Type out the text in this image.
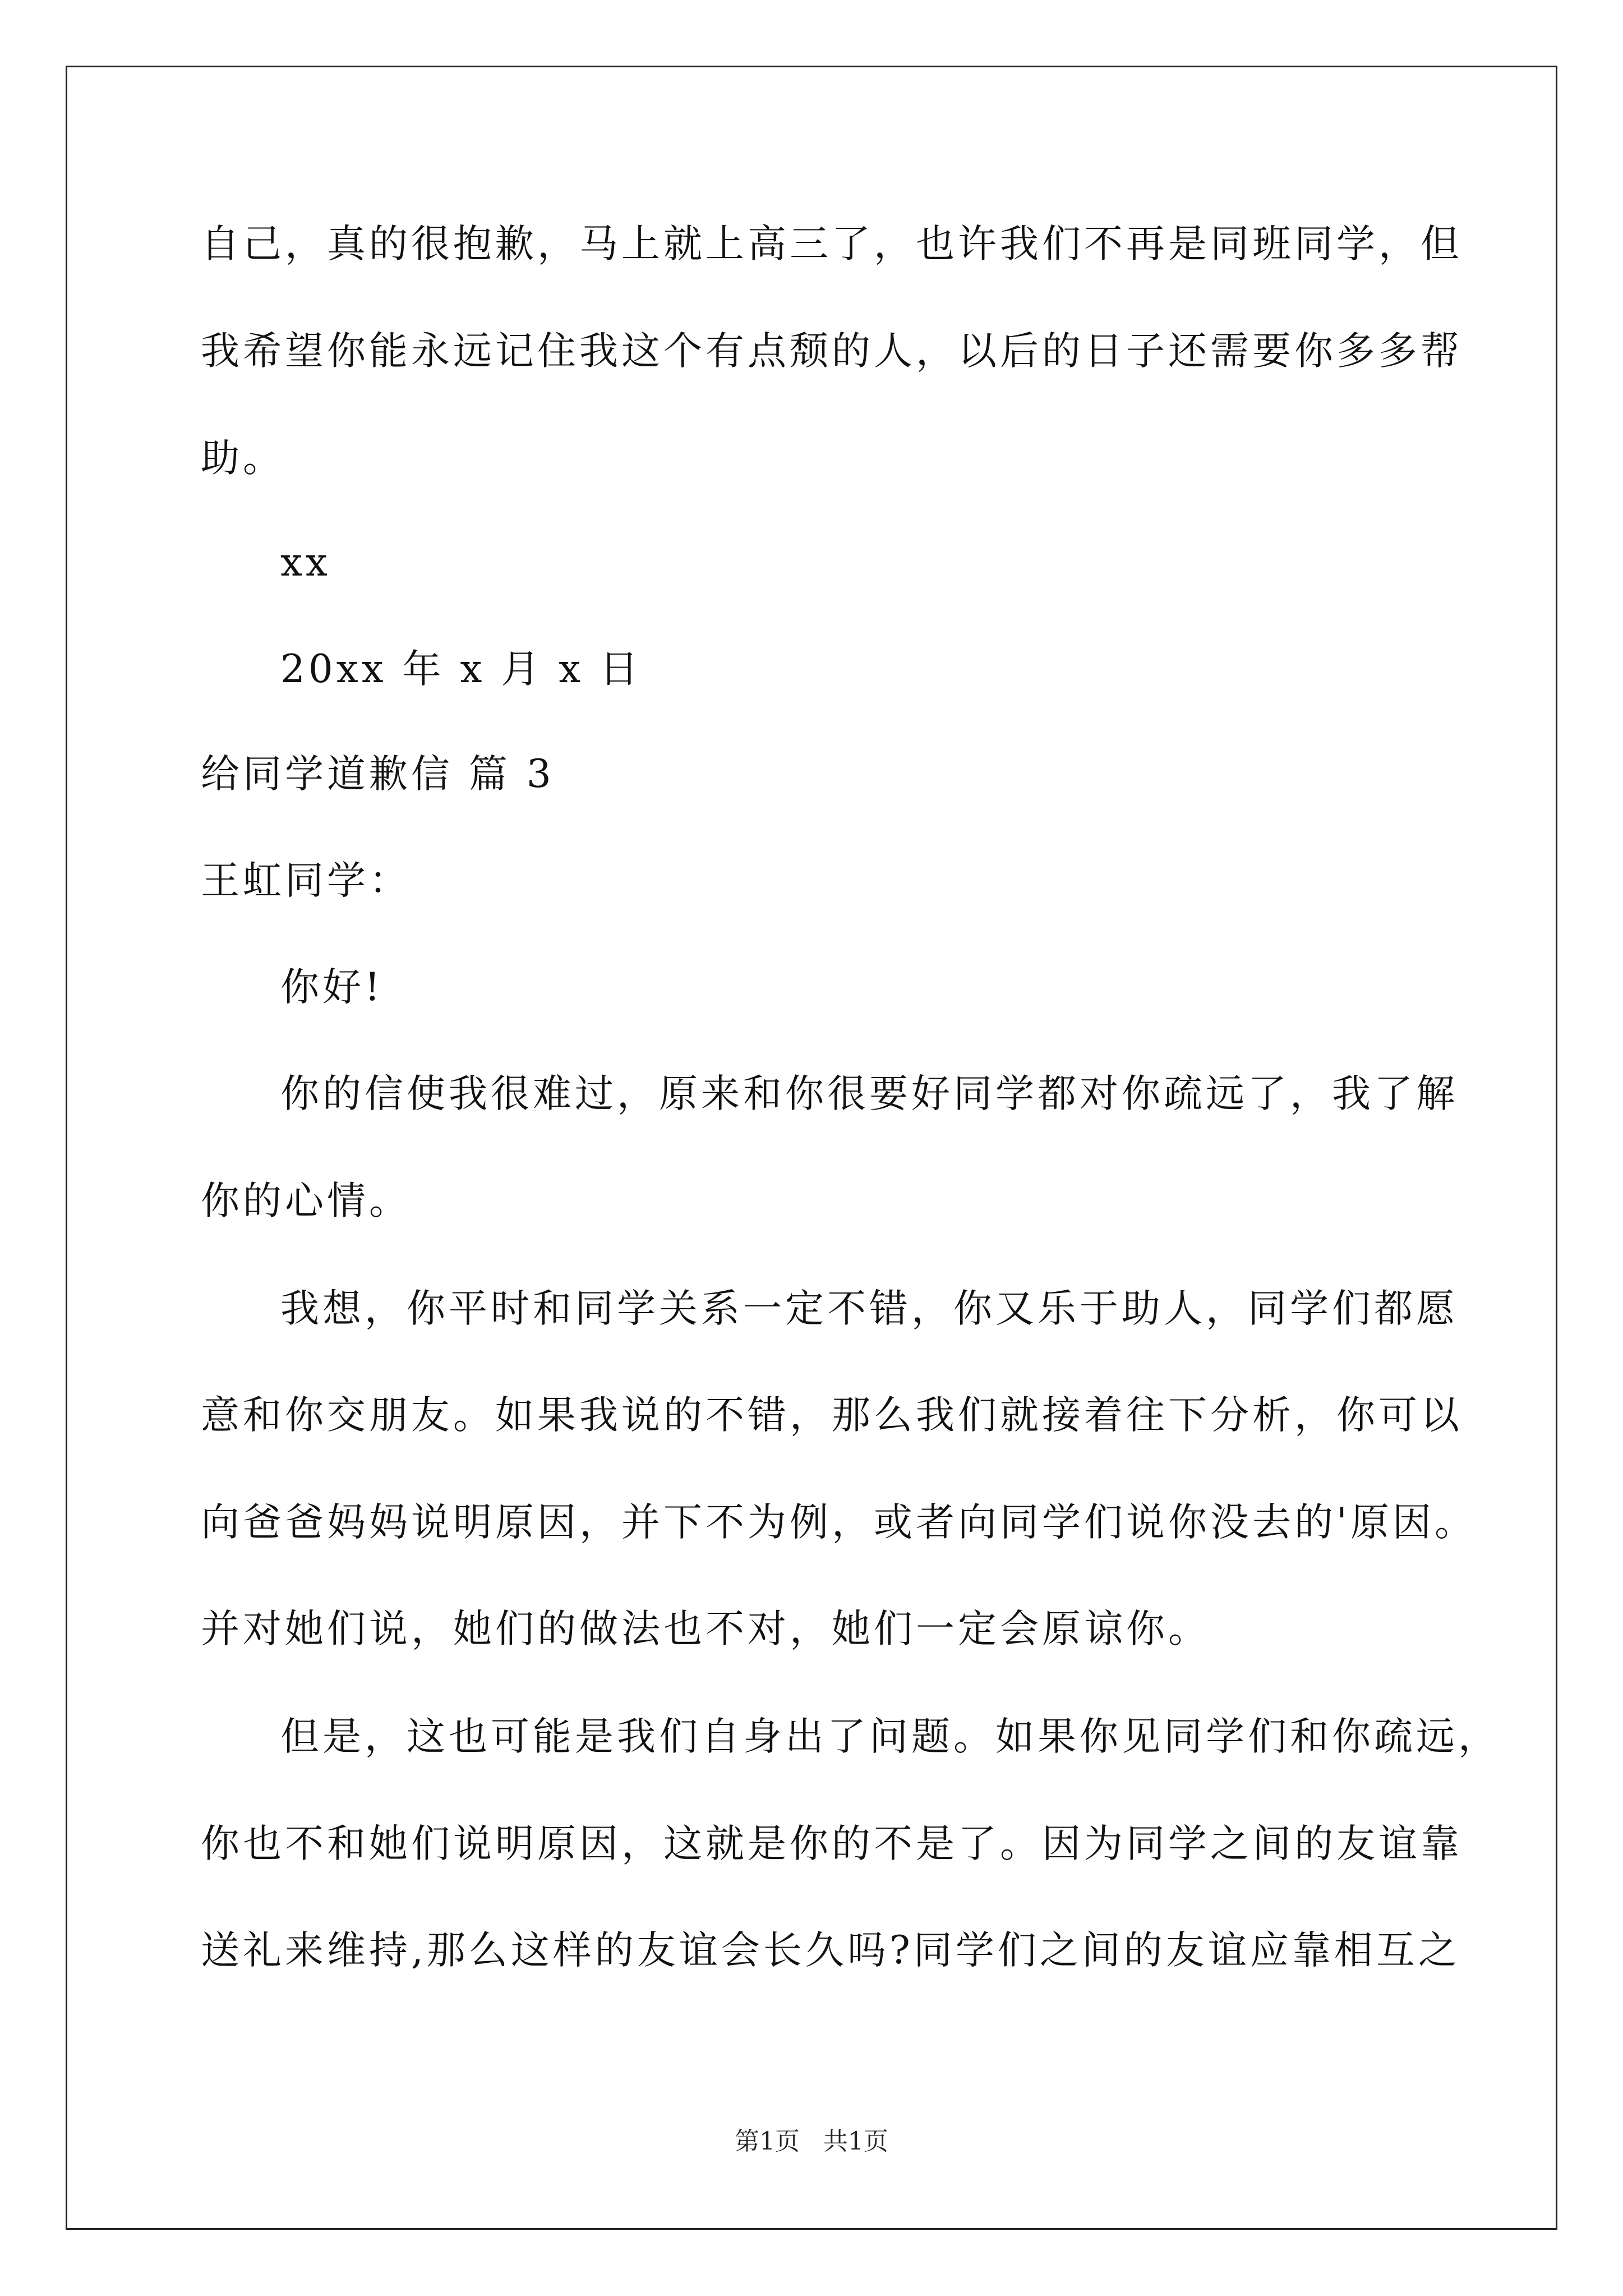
自己，真的很抱歉，马上就上高三了，也许我们不再是同班同学，但
我希望你能永远记住我这个有点颓的人，以后的日子还需要你多多帮
助。
xx
20xx 年 x 月 x 日
给同学道歉信 篇 3
王虹同学：
你好!
你的信使我很难过，原来和你很要好同学都对你疏远了，我了解
你的心情。
我想，你平时和同学关系一定不错，你又乐于助人，同学们都愿
意和你交朋友。如果我说的不错，那么我们就接着往下分析，你可以
向爸爸妈妈说明原因，并下不为例，或者向同学们说你没去的'原因。
并对她们说，她们的做法也不对，她们一定会原谅你。
但是，这也可能是我们自身出了问题。如果你见同学们和你疏远，
你也不和她们说明原因，这就是你的不是了。因为同学之间的友谊靠
送礼来维持,那么这样的友谊会长久吗?同学们之间的友谊应靠相互之
第1页   共1页
